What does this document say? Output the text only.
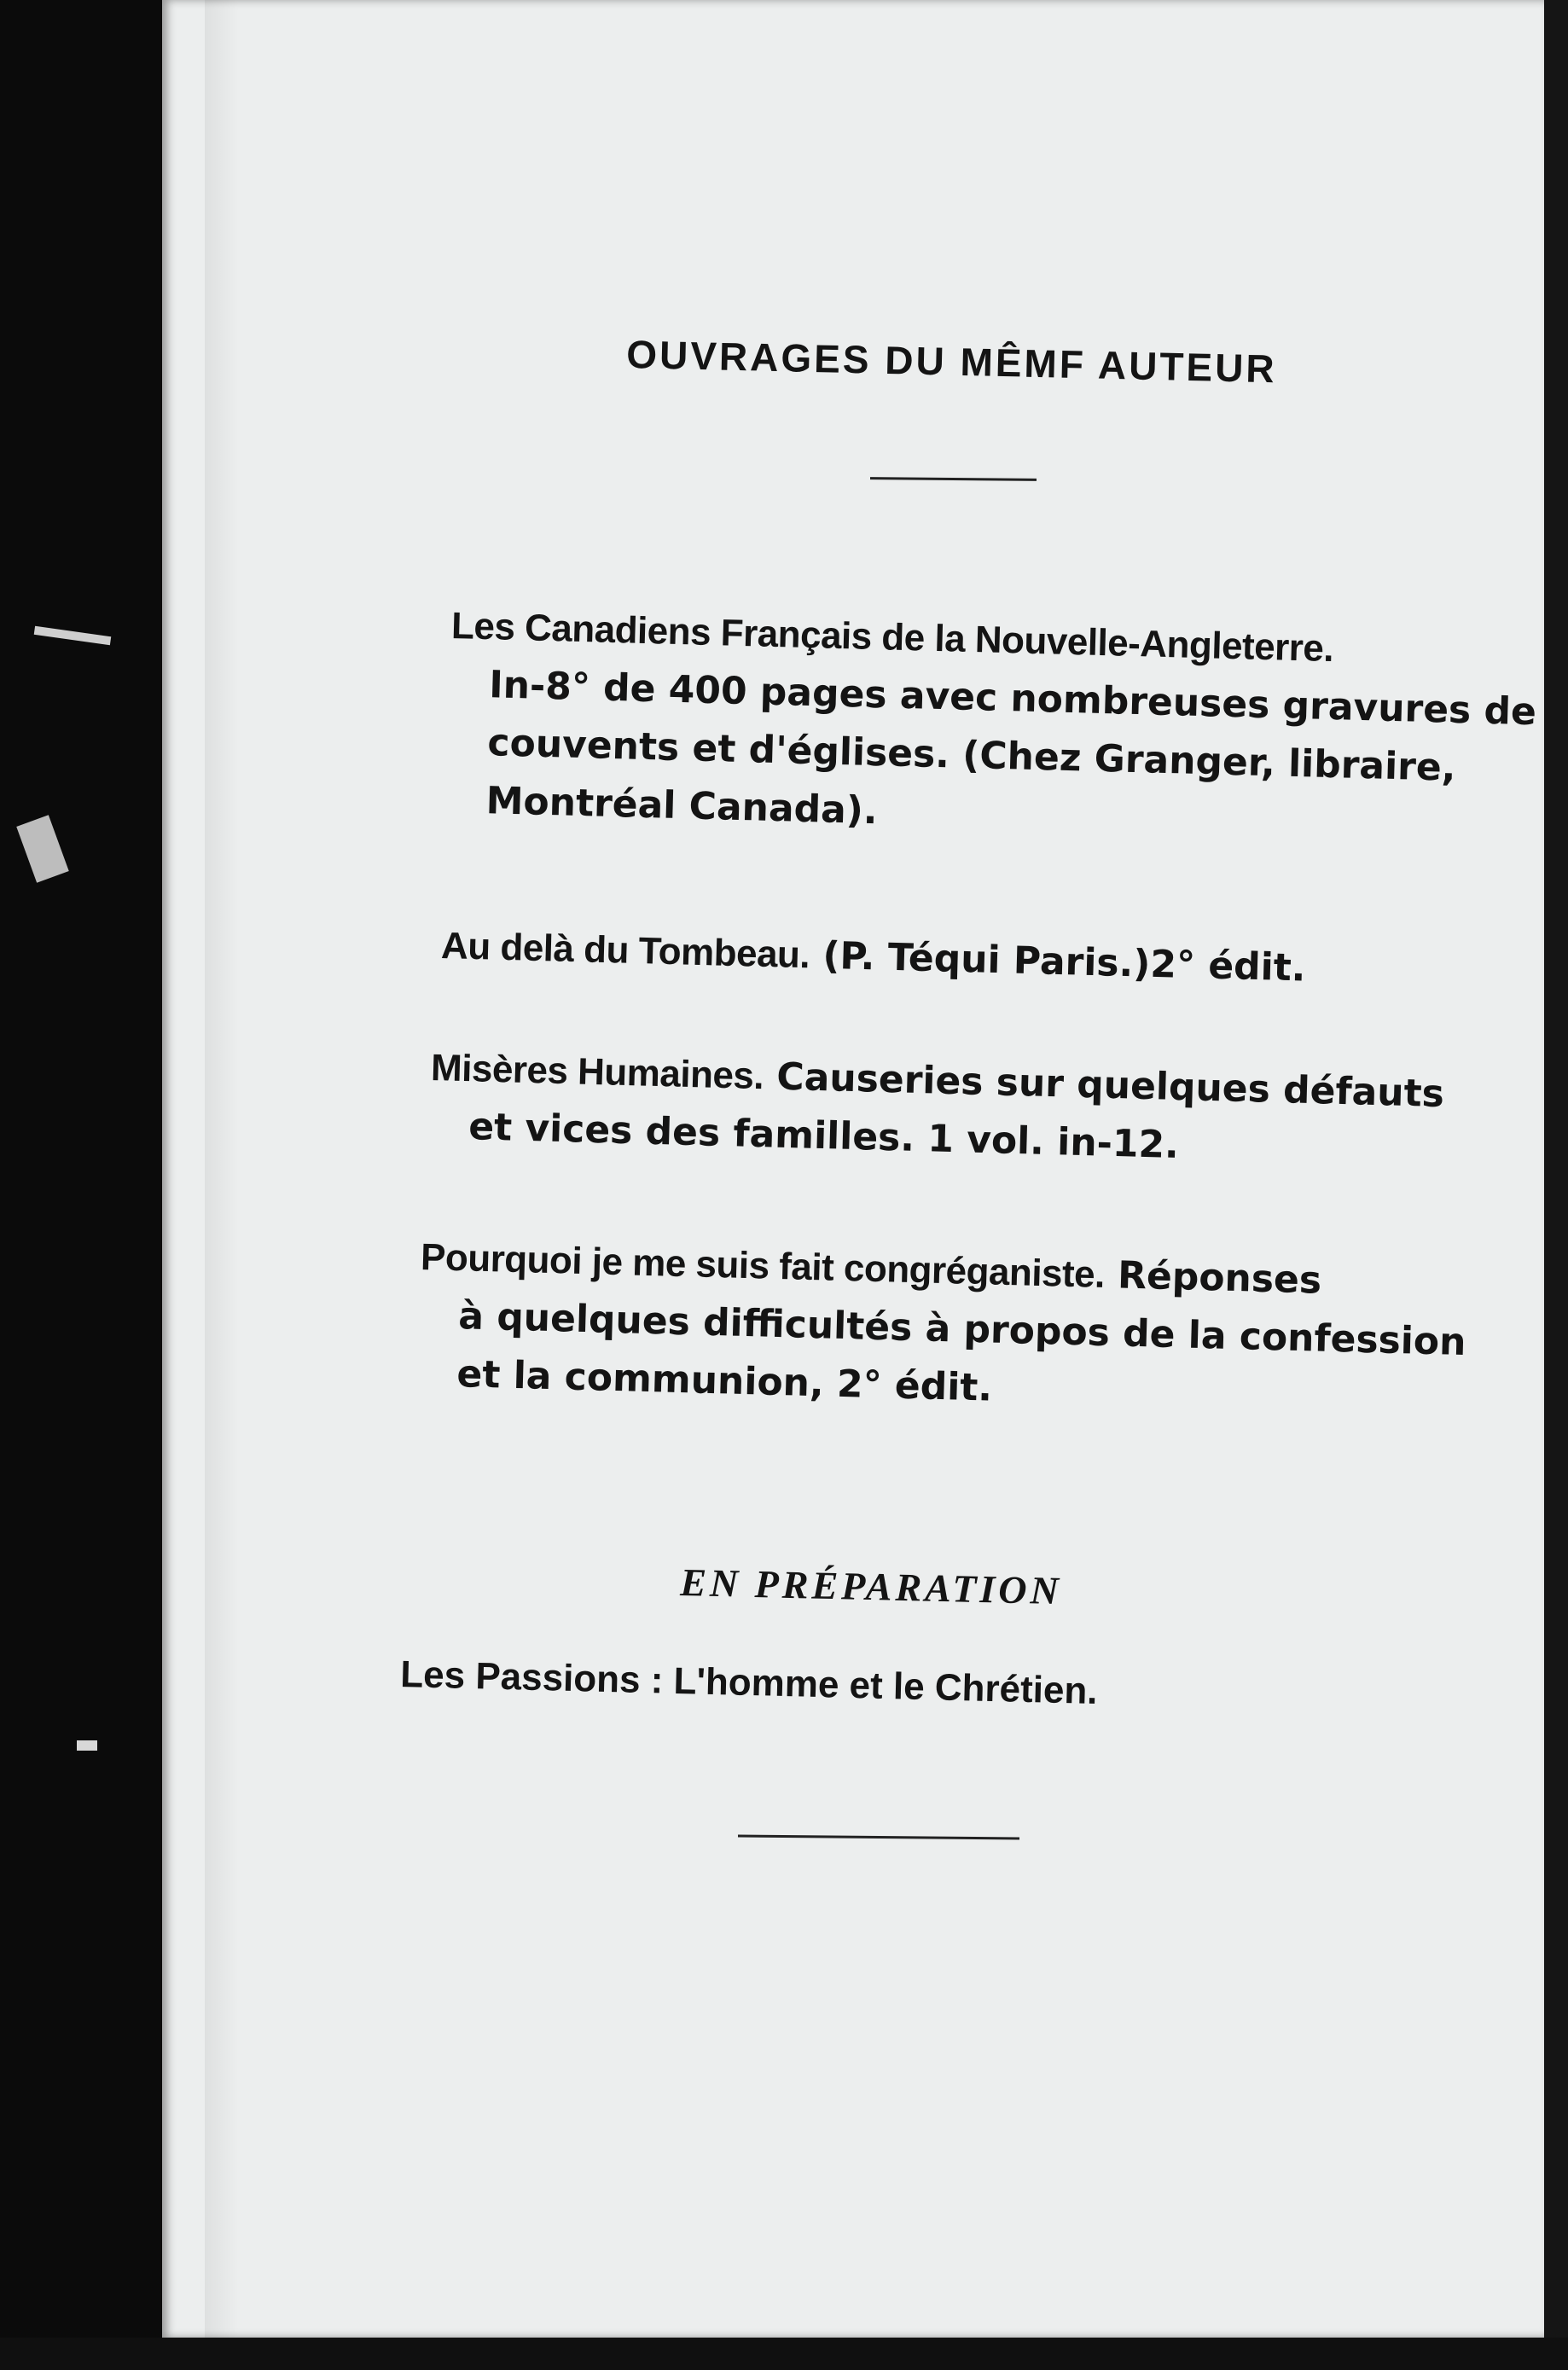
OUVRAGES DU MÊMF AUTEUR
Les Canadiens Français de la Nouvelle-Angleterre.
In-8° de 400 pages avec nombreuses gravures de
couvents et d'églises. (Chez Granger, libraire,
Montréal Canada).
Au delà du Tombeau. (P. Téqui Paris.)2° édit.
Misères Humaines. Causeries sur quelques défauts
et vices des familles. 1 vol. in-12.
Pourquoi je me suis fait congréganiste. Réponses
à quelques difficultés à propos de la confession
et la communion, 2° édit.
EN PRÉPARATION
Les Passions : L'homme et le Chrétien.
